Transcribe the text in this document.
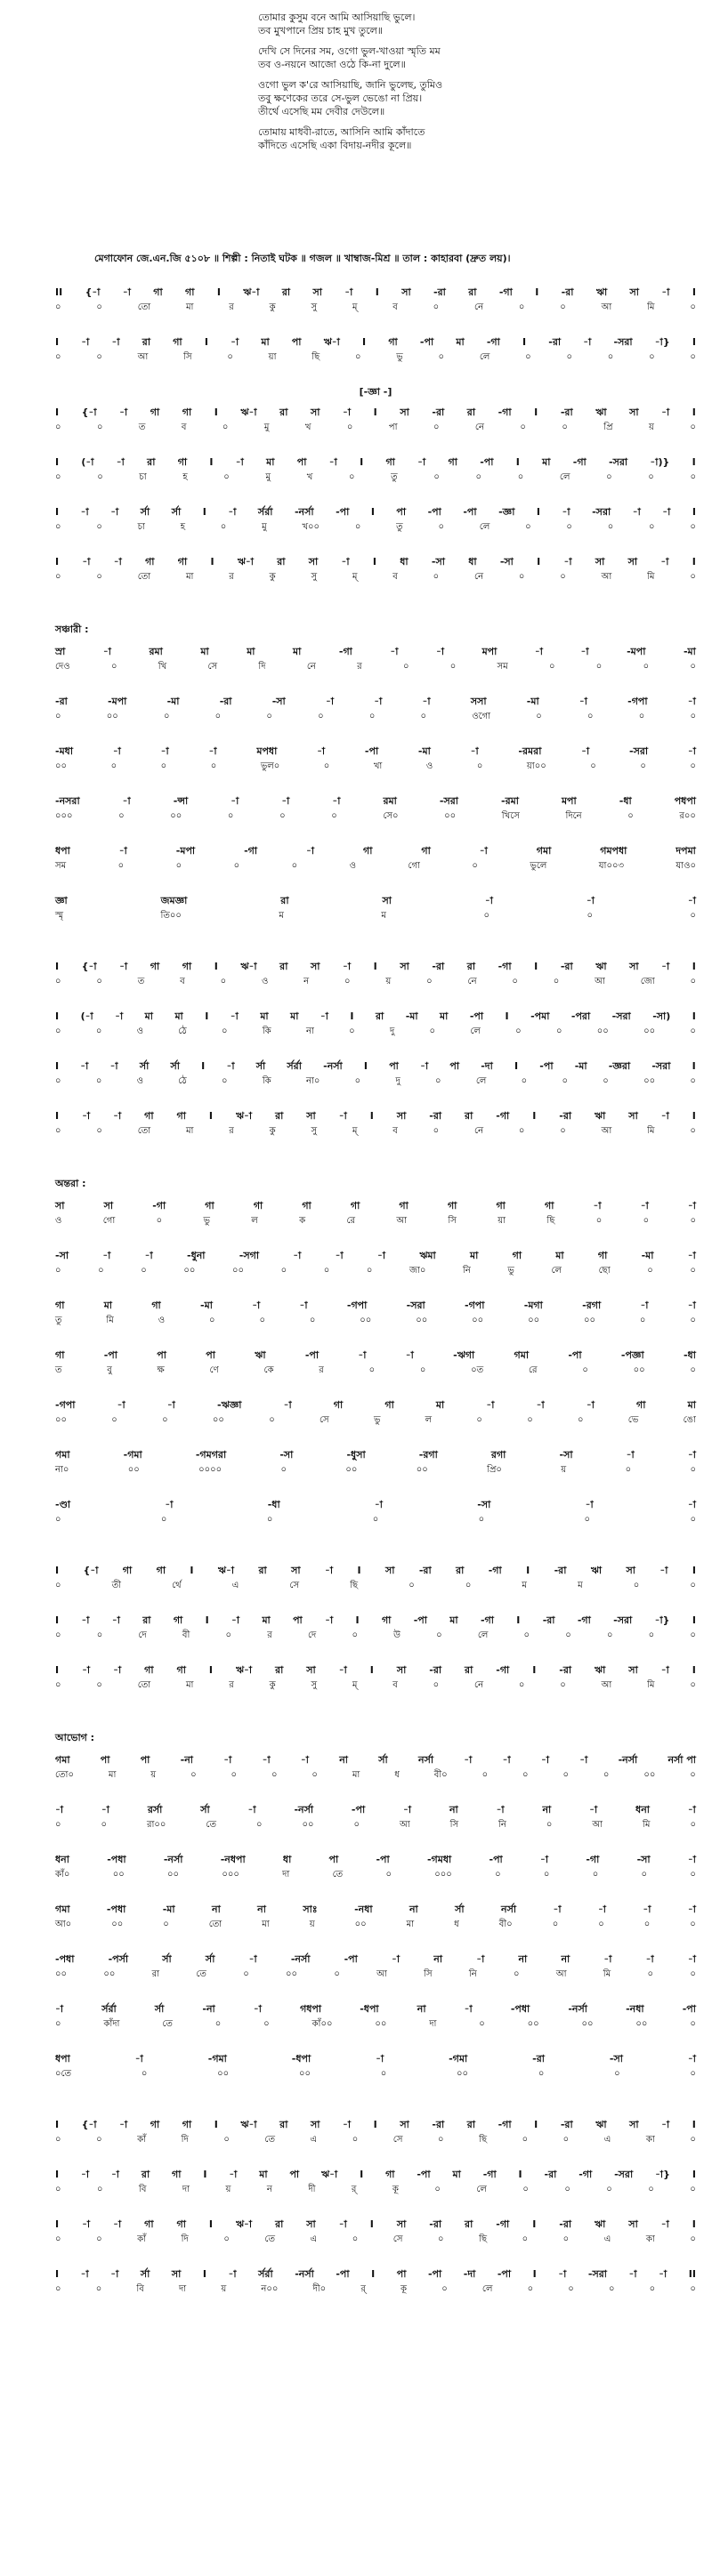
তোমার কুসুম বনে আমি আসিয়াছি ভুলে।
তব মুখপানে প্রিয় চাহ মুখ তুলে॥
দেখি সে দিনের সম, ওগো ভুল-খাওয়া স্মৃতি মম
তব ও-নয়নে আজো ওঠে কি-না দুলে॥
ওগো ভুল ক'রে আসিয়াছি, জানি ভুলেছ, তুমিও
তবু ক্ষণেকের তরে সে-ভুল ভেঙো না প্রিয়।
তীর্থে এসেছি মম দেবীর দেউলে॥
তোমায় মাধবী-রাতে, আসিনি আমি কাঁদাতে
কাঁদিতে এসেছি একা বিদায়-নদীর কূলে॥
মেগাফোন জে.এন.জি ৫১০৮ ॥ শিল্পী : নিতাই ঘটক ॥ গজল ॥ খাম্বাজ-মিশ্র ॥ তাল : কাহারবা (দ্রুত লয়)।
II {-া -া গা গা I ঋ-া রা সা -া I সা -রা রা -গা I -রা ঋা সা -া I
০	০	তো	মা	র	কু	সু	ম্	ব	০	নে	০	০	আ	মি	০
I -া -া রা গা I -া মা পা ঋ-া I গা -পা মা -গা I -রা -া -সরা -া} I
০	০	আ	সি	০	য়া	ছি	০	ভু	০	লে	০	০	০	০	০
[-জ্ঞা -]
I {-া -া গা গা I ঋ-া রা সা -া I সা -রা রা -গা I -রা ঋা সা -া I
০	০	ত	ব	০	মু	খ	০	পা	০	নে	০	০	প্রি	য়	০
I (-া -া রা গা I -া মা পা -া I গা -া গা -পা I মা -গা -সরা -া)} I
০	০	চা	হ	০	মু	খ	০	তু	০	০	০	লে	০	০	০
I -া -া র্সা র্সা I -া র্সর্রা -নর্সা -পা I পা -পা -পা -জ্ঞা I -া -সরা -া -া I
০	০	চা	হ	০	মু	খ০০	০	তু	০	লে	০	০	০	০	০
I -া -া গা গা I ঋ-া রা সা -া I ধা -সা ধা -সা I -া সা সা -া I
০	০	তো	মা	র	কু	সু	ম্	ব	০	নে	০	০	আ	মি	০
সঞ্চারী :
স্রা	-া	রমা	মা	মা	মা	-গা	-া	-া	মপা	-া	-া	-মপা	-মা
দেও	০	খি	সে	দি	নে	র	০	০	সম	০	০	০	০
-রা	-মপা	-মা	-রা	-সা	-া	-া	-া	সসা	-মা	-া	-গপা	-া
০	০০	০	০	০	০	০	০	ওগো	০	০	০	০
-মধা	-া	-া	-া	মপধা	-া	-পা	-মা	-া	-রমরা	-া	-সরা	-া
০০	০	০	০	ভুল০	০	খা	ও	০	য়া০০	০	০	০
-নসরা	-া	-ন্সা	-া	-া	-া	রমা	-সরা	-রমা	মপা	-ধা	পধপা
০০০	০	০০	০	০	০	সে০	০০	খিসে	দিনে	০	র০০
ধপা	-া	-মপা	-গা	-া	গা	গা	-া	গমা	গমপধা	দপমা
সম	০	০	০	০	ও	গো	০	ভুলে	যা০০৩	যাও০
জ্ঞা	জমজ্ঞা	রা	সা	-া	-া	-া
স্মৃ	তি০০	ম	ম	০	০	০
I {-া -া গা গা I ঋ-া রা সা -া I সা -রা রা -গা I -রা ঋা সা -া I
০	০	ত	ব	০	ও	ন	০	য়	০	নে	০	০	আ	জো	০
I (-া -া মা মা I -া মা মা -া I রা -মা মা -পা I -পমা -পরা -সরা -সা) I
০	০	ও	ঠে	০	কি	না	০	দু	০	লে	০	০	০০	০০	০
I -া -া র্সা র্সা I -া র্সা র্সর্রা -নর্সা I পা -া পা -দা I -পা -মা -জ্ঞরা -সরা I
০	০	ও	ঠে	০	কি	না০	০	দু	০	লে	০	০	০	০০	০
I -া -া গা গা I ঋ-া রা সা -া I সা -রা রা -গা I -রা ঋা সা -া I
০	০	তো	মা	র	কু	সু	ম্	ব	০	নে	০	০	আ	মি	০
অন্তরা :
সা	সা	-গা	গা	গা	গা	গা	গা	গা	গা	গা	-া	-া	-া
ও	গো	০	ভু	ল	ক	রে	আ	সি	য়া	ছি	০	০	০
-সা	-া	-া	-ধুনা	-সগা	-া	-া	-া	ঋমা	মা	গা	মা	গা	-মা	-া
০	০	০	০০	০০	০	০	০	জা০	নি	ভু	লে	ছো	০	০
গা	মা	গা	-মা	-া	-া	-গপা	-সরা	-গপা	-মগা	-রগা	-া	-া
তু	মি	ও	০	০	০	০০	০০	০০	০০	০০	০	০
গা	-পা	পা	পা	ঋা	-পা	-া	-া	-ঋগা	গমা	-পা	-পজ্ঞা	-ধা
ত	বু	ক্ষ	ণে	কে	র	০	০	০ত	রে	০	০০	০
-গপা	-া	-া	-ঋজ্ঞা	-া	গা	গা	মা	-া	-া	-া	গা	মা
০০	০	০	০০	০	সে	ভু	ল	০	০	০	ভে	ঙো
গমা	-গমা	-গমগরা	-সা	-ধুসা	-রগা	রগা	-সা	-া	-া
না০	০০	০০০০	০	০০	০০	প্রি০	য়	০	০
-ণ্ডা	-া	-ধা	-া	-সা	-া	-া
০	০	০	০	০	০	০
I {-া গা গা I ঋ-া রা সা -া I সা -রা রা -গা I -রা ঋা সা -া I
০	তী	র্থে	এ	সে	ছি	০	০	ম	ম	০	০
I -া -া রা গা I -া মা পা -া I গা -পা মা -গা I -রা -গা -সরা -া} I
০	০	দে	বী	০	র	দে	০	উ	০	লে	০	০	০	০	০
I -া -া গা গা I ঋ-া রা সা -া I সা -রা রা -গা I -রা ঋা সা -া I
০	০	তো	মা	র	কু	সু	ম্	ব	০	নে	০	০	আ	মি	০
আভোগ :
গমা	পা	পা	-না	-া	-া	-া	না	র্সা	নর্সা	-া	-া	-া	-া	-নর্সা	নর্সা পা
তো০	মা	য়	০	০	০	০	মা	ধ	বী০	০	০	০	০	০০	০
-া	-া	রর্সা	র্সা	-া	-নর্সা	-পা	-া	না	-া	না	-া	ধনা	-া
০	০	রা০০	তে	০	০০	০	আ	সি	নি	০	আ	মি	০
ধনা	-পধা	-নর্সা	-নধপা	ধা	পা	-পা	-গমধা	-পা	-া	-গা	-সা	-া
কাঁ০	০০	০০	০০০	দা	তে	০	০০০	০	০	০	০	০
গমা	-পধা	-মা	না	না	সাঃ	-নধা	না	র্সা	নর্সা	-া	-া	-া	-া
আ০	০০	০	তো	মা	য়	০০	মা	ধ	বী০	০	০	০	০
-পধা	-পর্সা	র্সা	র্সা	-া	-নর্সা	-পা	-া	না	-া	না	না	-া	-া	-া
০০	০০	রা	তে	০	০০	০	আ	সি	নি	০	আ	মি	০	০
-া	র্সর্রা	র্সা	-না	-া	গধপা	-ধপা	না	-া	-পধা	-নর্সা	-নধা	-পা
০	কাঁদা	তে	০	০	কাঁ০০	০০	দা	০	০০	০০	০০	০
ধপা	-া	-গমা	-ধপা	-া	-গমা	-রা	-সা	-া
০তে	০	০০	০০	০	০০	০	০	০
I {-া -া গা গা I ঋ-া রা সা -া I সা -রা রা -গা I -রা ঋা সা -া I
০	০	কাঁ	দি	০	তে	এ	০	সে	০	ছি	০	০	এ	কা	০
I -া -া রা গা I -া মা পা ঋ-া I গা -পা মা -গা I -রা -গা -সরা -া} I
০	০	বি	দা	য়	ন	দী	র্	কূ	০	লে	০	০	০	০	০
I -া -া গা গা I ঋ-া রা সা -া I সা -রা রা -গা I -রা ঋা সা -া I
০	০	কাঁ	দি	০	তে	এ	০	সে	০	ছি	০	০	এ	কা	০
I -া -া র্সা সা I -া র্সর্রা -নর্সা -পা I পা -পা -দা -পা I -া -সরা -া -া II
০	০	বি	দা	য়	ন০০	দী০	র্	কূ	০	লে	০	০	০	০	০
